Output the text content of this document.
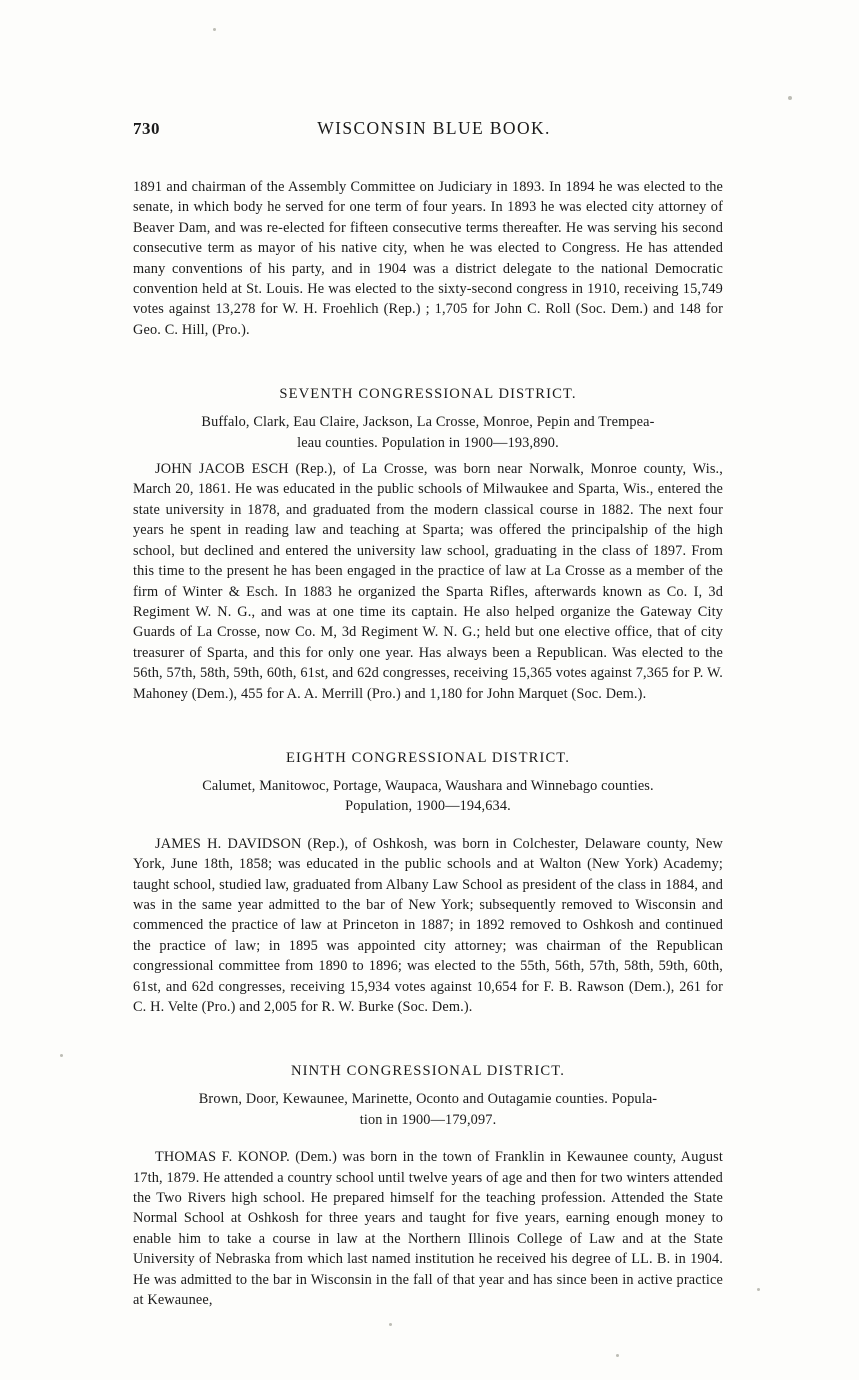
730	WISCONSIN BLUE BOOK.

1891 and chairman of the Assembly Committee on Judiciary in 1893. In 1894 he was elected to the senate, in which body he served for one term of four years. In 1893 he was elected city attorney of Beaver Dam, and was re-elected for fifteen consecutive terms thereafter. He was serving his second consecutive term as mayor of his native city, when he was elected to Congress. He has attended many conventions of his party, and in 1904 was a district delegate to the national Democratic convention held at St. Louis. He was elected to the sixty-second congress in 1910, receiving 15,749 votes against 13,278 for W. H. Froehlich (Rep.) ; 1,705 for John C. Roll (Soc. Dem.) and 148 for Geo. C. Hill, (Pro.).

SEVENTH CONGRESSIONAL DISTRICT.
Buffalo, Clark, Eau Claire, Jackson, La Crosse, Monroe, Pepin and Trempea-
leau counties. Population in 1900—193,890.

JOHN JACOB ESCH (Rep.), of La Crosse, was born near Norwalk, Monroe county, Wis., March 20, 1861. He was educated in the public schools of Milwaukee and Sparta, Wis., entered the state university in 1878, and graduated from the modern classical course in 1882. The next four years he spent in reading law and teaching at Sparta; was offered the principalship of the high school, but declined and entered the university law school, graduating in the class of 1897. From this time to the present he has been engaged in the practice of law at La Crosse as a member of the firm of Winter & Esch. In 1883 he organized the Sparta Rifles, afterwards known as Co. I, 3d Regiment W. N. G., and was at one time its captain. He also helped organize the Gateway City Guards of La Crosse, now Co. M, 3d Regiment W. N. G.; held but one elective office, that of city treasurer of Sparta, and this for only one year. Has always been a Republican. Was elected to the 56th, 57th, 58th, 59th, 60th, 61st, and 62d congresses, receiving 15,365 votes against 7,365 for P. W. Mahoney (Dem.), 455 for A. A. Merrill (Pro.) and 1,180 for John Marquet (Soc. Dem.).

EIGHTH CONGRESSIONAL DISTRICT.
Calumet, Manitowoc, Portage, Waupaca, Waushara and Winnebago counties.
Population, 1900—194,634.

JAMES H. DAVIDSON (Rep.), of Oshkosh, was born in Colchester, Delaware county, New York, June 18th, 1858; was educated in the public schools and at Walton (New York) Academy; taught school, studied law, graduated from Albany Law School as president of the class in 1884, and was in the same year admitted to the bar of New York; subsequently removed to Wisconsin and commenced the practice of law at Princeton in 1887; in 1892 removed to Oshkosh and continued the practice of law; in 1895 was appointed city attorney; was chairman of the Republican congressional committee from 1890 to 1896; was elected to the 55th, 56th, 57th, 58th, 59th, 60th, 61st, and 62d congresses, receiving 15,934 votes against 10,654 for F. B. Rawson (Dem.), 261 for C. H. Velte (Pro.) and 2,005 for R. W. Burke (Soc. Dem.).

NINTH CONGRESSIONAL DISTRICT.
Brown, Door, Kewaunee, Marinette, Oconto and Outagamie counties. Popula-
tion in 1900—179,097.

THOMAS F. KONOP. (Dem.) was born in the town of Franklin in Kewaunee county, August 17th, 1879. He attended a country school until twelve years of age and then for two winters attended the Two Rivers high school. He prepared himself for the teaching profession. Attended the State Normal School at Oshkosh for three years and taught for five years, earning enough money to enable him to take a course in law at the Northern Illinois College of Law and at the State University of Nebraska from which last named institution he received his degree of LL. B. in 1904. He was admitted to the bar in Wisconsin in the fall of that year and has since been in active practice at Kewaunee,
